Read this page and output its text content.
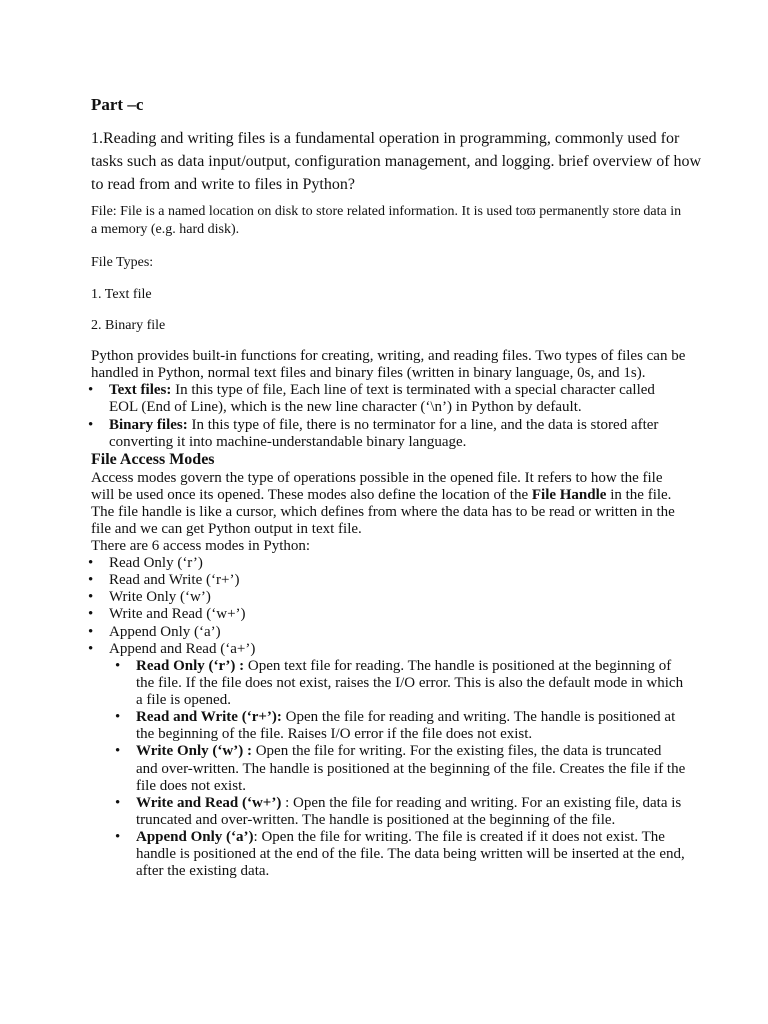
Part –c
1.Reading and writing files is a fundamental operation in programming, commonly used for
tasks such as data input/output, configuration management, and logging. brief overview of how
to read from and write to files in Python?
File: File is a named location on disk to store related information. It is used toϖ permanently store data in
a memory (e.g. hard disk).
File Types:
1. Text file
2. Binary file
Python provides built-in functions for creating, writing, and reading files. Two types of files can be
handled in Python, normal text files and binary files (written in binary language, 0s, and 1s).
• Text files: In this type of file, Each line of text is terminated with a special character called
EOL (End of Line), which is the new line character (‘\n’) in Python by default.
• Binary files: In this type of file, there is no terminator for a line, and the data is stored after
converting it into machine-understandable binary language.
File Access Modes
Access modes govern the type of operations possible in the opened file. It refers to how the file
will be used once its opened. These modes also define the location of the File Handle in the file.
The file handle is like a cursor, which defines from where the data has to be read or written in the
file and we can get Python output in text file.
There are 6 access modes in Python:
• Read Only (‘r’)
• Read and Write (‘r+’)
• Write Only (‘w’)
• Write and Read (‘w+’)
• Append Only (‘a’)
• Append and Read (‘a+’)
• Read Only (‘r’) : Open text file for reading. The handle is positioned at the beginning of
the file. If the file does not exist, raises the I/O error. This is also the default mode in which
a file is opened.
• Read and Write (‘r+’): Open the file for reading and writing. The handle is positioned at
the beginning of the file. Raises I/O error if the file does not exist.
• Write Only (‘w’) : Open the file for writing. For the existing files, the data is truncated
and over-written. The handle is positioned at the beginning of the file. Creates the file if the
file does not exist.
• Write and Read (‘w+’) : Open the file for reading and writing. For an existing file, data is
truncated and over-written. The handle is positioned at the beginning of the file.
• Append Only (‘a’): Open the file for writing. The file is created if it does not exist. The
handle is positioned at the end of the file. The data being written will be inserted at the end,
after the existing data.
